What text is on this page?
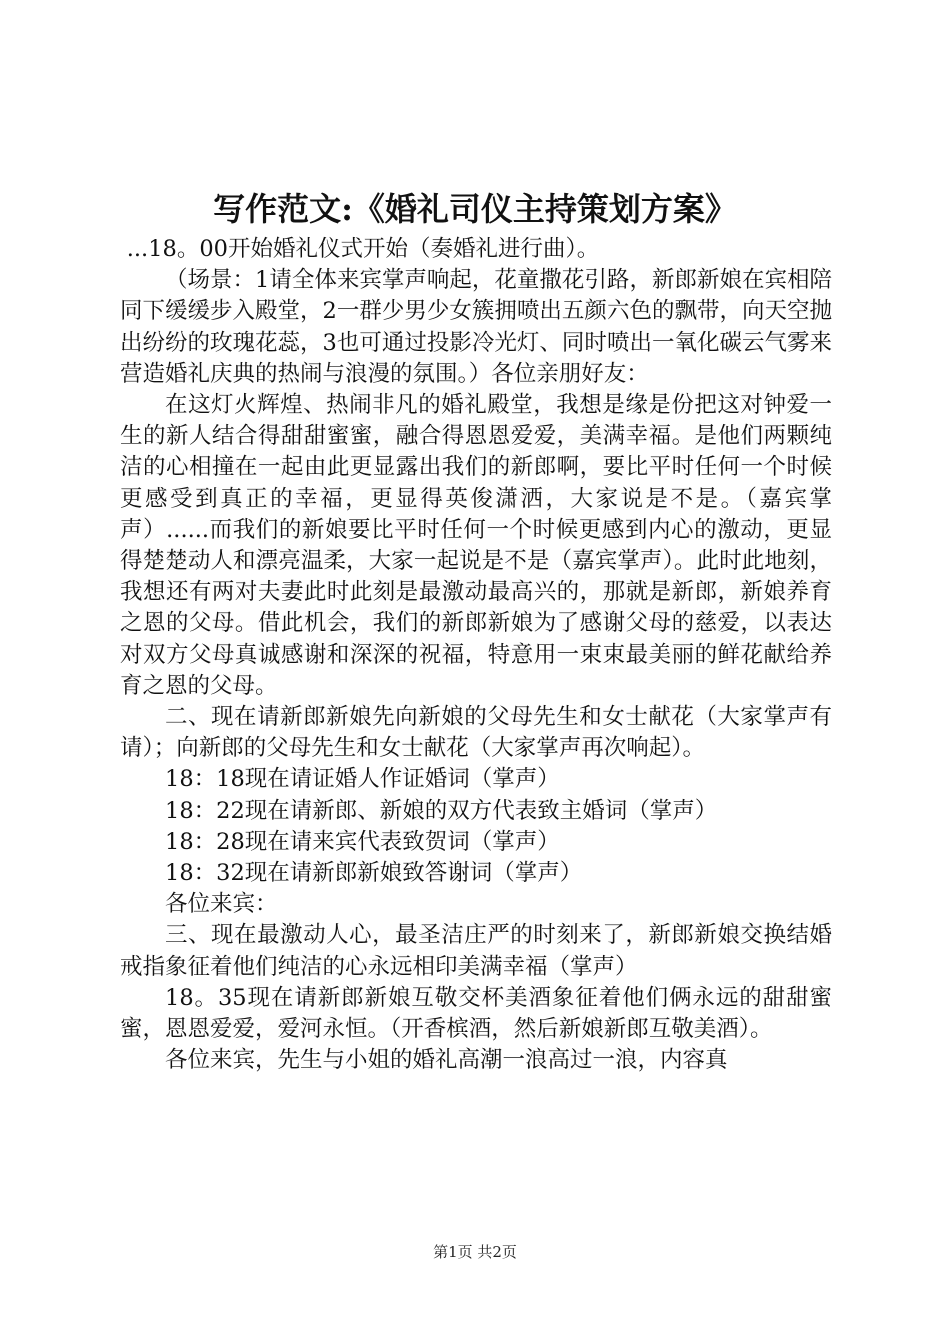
写作范文:《婚礼司仪主持策划方案》

...18。00开始婚礼仪式开始（奏婚礼进行曲）。

（场景：1请全体来宾掌声响起，花童撒花引路，新郎新娘在宾相陪同下缓缓步入殿堂，2一群少男少女簇拥喷出五颜六色的飘带，向天空抛出纷纷的玫瑰花蕊，3也可通过投影冷光灯、同时喷出一氧化碳云气雾来营造婚礼庆典的热闹与浪漫的氛围。）各位亲朋好友：

在这灯火辉煌、热闹非凡的婚礼殿堂，我想是缘是份把这对钟爱一生的新人结合得甜甜蜜蜜，融合得恩恩爱爱，美满幸福。是他们两颗纯洁的心相撞在一起由此更显露出我们的新郎啊，要比平时任何一个时候更感受到真正的幸福，更显得英俊潇洒，大家说是不是。（嘉宾掌声）......而我们的新娘要比平时任何一个时候更感到内心的激动，更显得楚楚动人和漂亮温柔，大家一起说是不是（嘉宾掌声）。此时此地刻，我想还有两对夫妻此时此刻是最激动最高兴的，那就是新郎，新娘养育之恩的父母。借此机会，我们的新郎新娘为了感谢父母的慈爱，以表达对双方父母真诚感谢和深深的祝福，特意用一束束最美丽的鲜花献给养育之恩的父母。

二、现在请新郎新娘先向新娘的父母先生和女士献花（大家掌声有请）；向新郎的父母先生和女士献花（大家掌声再次响起）。

18：18现在请证婚人作证婚词（掌声）

18：22现在请新郎、新娘的双方代表致主婚词（掌声）

18：28现在请来宾代表致贺词（掌声）

18：32现在请新郎新娘致答谢词（掌声）

各位来宾：

三、现在最激动人心，最圣洁庄严的时刻来了，新郎新娘交换结婚戒指象征着他们纯洁的心永远相印美满幸福（掌声）

18。35现在请新郎新娘互敬交杯美酒象征着他们俩永远的甜甜蜜蜜，恩恩爱爱，爱河永恒。（开香槟酒，然后新娘新郎互敬美酒）。

各位来宾，先生与小姐的婚礼高潮一浪高过一浪，内容真

第1页 共2页
